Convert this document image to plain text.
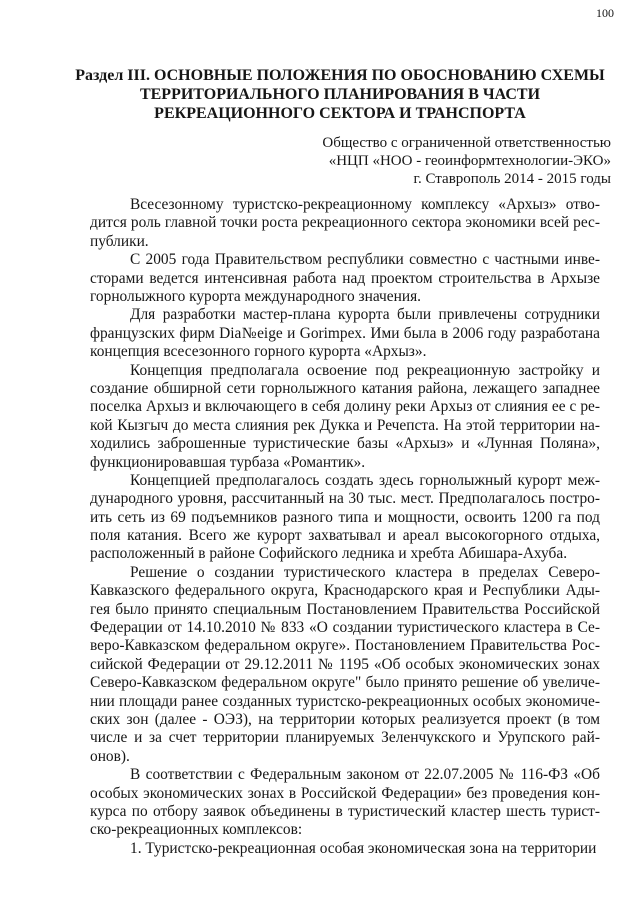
100
Раздел III. ОСНОВНЫЕ ПОЛОЖЕНИЯ ПО ОБОСНОВАНИЮ СХЕМЫ
ТЕРРИТОРИАЛЬНОГО ПЛАНИРОВАНИЯ В ЧАСТИ
РЕКРЕАЦИОННОГО СЕКТОРА И ТРАНСПОРТА
Общество с ограниченной ответственностью
«НЦП «НОО - геоинформтехнологии-ЭКО»
г. Ставрополь 2014 - 2015 годы
Всесезонному туристско-рекреационному комплексу «Архыз» отво-
дится роль главной точки роста рекреационного сектора экономики всей рес-
публики.
С 2005 года Правительством республики совместно с частными инве-
сторами ведется интенсивная работа над проектом строительства в Архызе
горнолыжного курорта международного значения.
Для разработки мастер-плана курорта были привлечены сотрудники
французских фирм Dia№eige и Gorimpex. Ими была в 2006 году разработана
концепция всесезонного горного курорта «Архыз».
Концепция предполагала освоение под рекреационную застройку и
создание обширной сети горнолыжного катания района, лежащего западнее
поселка Архыз и включающего в себя долину реки Архыз от слияния ее с ре-
кой Кызгыч до места слияния рек Дукка и Речепста. На этой территории на-
ходились заброшенные туристические базы «Архыз» и «Лунная Поляна»,
функционировавшая турбаза «Романтик».
Концепцией предполагалось создать здесь горнолыжный курорт меж-
дународного уровня, рассчитанный на 30 тыс. мест. Предполагалось постро-
ить сеть из 69 подъемников разного типа и мощности, освоить 1200 га под
поля катания. Всего же курорт захватывал и ареал высокогорного отдыха,
расположенный в районе Софийского ледника и хребта Абишара-Ахуба.
Решение о создании туристического кластера в пределах Северо-
Кавказского федерального округа, Краснодарского края и Республики Ады-
гея было принято специальным Постановлением Правительства Российской
Федерации от 14.10.2010 № 833 «О создании туристического кластера в Се-
веро-Кавказском федеральном округе». Постановлением Правительства Рос-
сийской Федерации от 29.12.2011 № 1195 «Об особых экономических зонах
Северо-Кавказском федеральном округе" было принято решение об увеличе-
нии площади ранее созданных туристско-рекреационных особых экономиче-
ских зон (далее - ОЭЗ), на территории которых реализуется проект (в том
числе и за счет территории планируемых Зеленчукского и Урупского рай-
онов).
В соответствии с Федеральным законом от 22.07.2005 № 116-ФЗ «Об
особых экономических зонах в Российской Федерации» без проведения кон-
курса по отбору заявок объединены в туристический кластер шесть турист-
ско-рекреационных комплексов:
1. Туристско-рекреационная особая экономическая зона на территории
